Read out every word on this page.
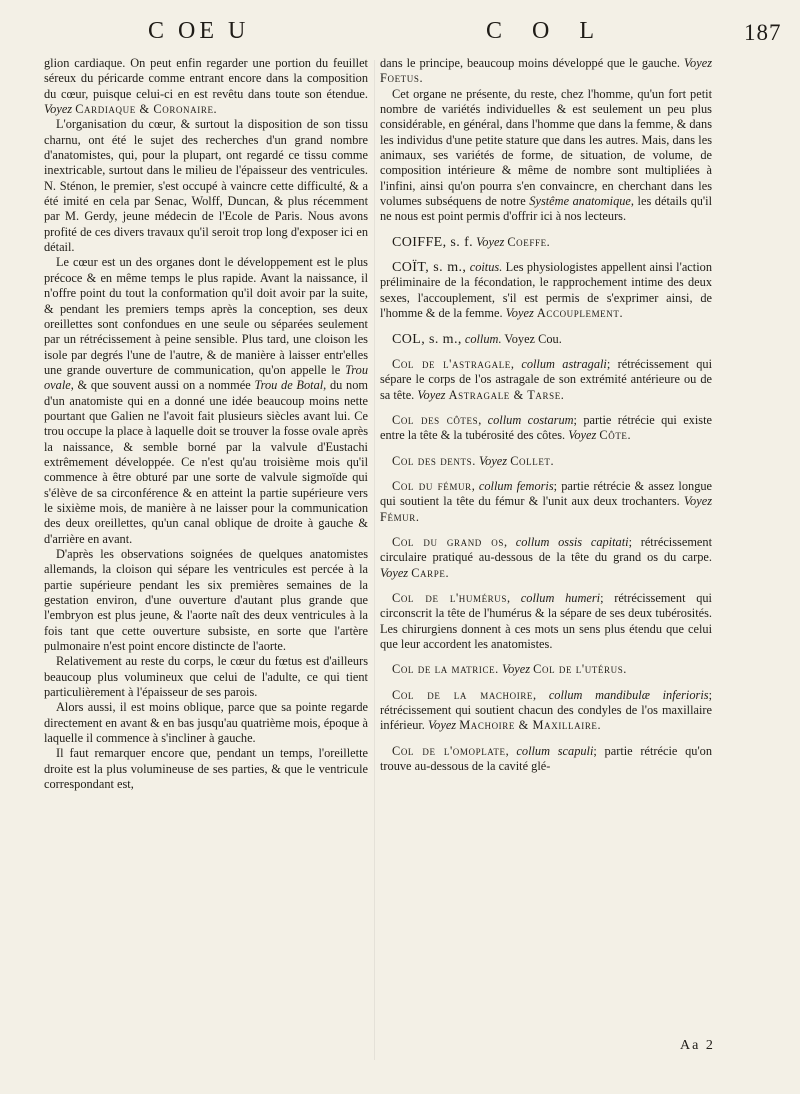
C OE U	C O L	187

glion cardiaque. On peut enfin regarder une portion du feuillet séreux du péricarde comme entrant encore dans la composition du cœur, puisque celui-ci en est revêtu dans toute son étendue. Voyez Cardiaque & Coronaire.

L'organisation du cœur, & surtout la disposition de son tissu charnu, ont été le sujet des recherches d'un grand nombre d'anatomistes, qui, pour la plupart, ont regardé ce tissu comme inextricable, surtout dans le milieu de l'épaisseur des ventricules. N. Sténon, le premier, s'est occupé à vaincre cette difficulté, & a été imité en cela par Senac, Wolff, Duncan, & plus récemment par M. Gerdy, jeune médecin de l'Ecole de Paris. Nous avons profité de ces divers travaux qu'il seroit trop long d'exposer ici en détail.

Le cœur est un des organes dont le développement est le plus précoce & en même temps le plus rapide. Avant la naissance, il n'offre point du tout la conformation qu'il doit avoir par la suite, & pendant les premiers temps après la conception, ses deux oreillettes sont confondues en une seule ou séparées seulement par un rétrécissement à peine sensible. Plus tard, une cloison les isole par degrés l'une de l'autre, & de manière à laisser entr'elles une grande ouverture de communication, qu'on appelle le Trou ovale, & que souvent aussi on a nommée Trou de Botal, du nom d'un anatomiste qui en a donné une idée beaucoup moins nette pourtant que Galien ne l'avoit fait plusieurs siècles avant lui. Ce trou occupe la place à laquelle doit se trouver la fosse ovale après la naissance, & semble borné par la valvule d'Eustachi extrêmement développée. Ce n'est qu'au troisième mois qu'il commence à être obturé par une sorte de valvule sigmoïde qui s'élève de sa circonférence & en atteint la partie supérieure vers le sixième mois, de manière à ne laisser pour la communication des deux oreillettes, qu'un canal oblique de droite à gauche & d'arrière en avant.

D'après les observations soignées de quelques anatomistes allemands, la cloison qui sépare les ventricules est percée à la partie supérieure pendant les six premières semaines de la gestation environ, d'une ouverture d'autant plus grande que l'embryon est plus jeune, & l'aorte naît des deux ventricules à la fois tant que cette ouverture subsiste, en sorte que l'artère pulmonaire n'est point encore distincte de l'aorte.

Relativement au reste du corps, le cœur du fœtus est d'ailleurs beaucoup plus volumineux que celui de l'adulte, ce qui tient particulièrement à l'épaisseur de ses parois.

Alors aussi, il est moins oblique, parce que sa pointe regarde directement en avant & en bas jusqu'au quatrième mois, époque à laquelle il commence à s'incliner à gauche.

Il faut remarquer encore que, pendant un temps, l'oreillette droite est la plus volumineuse de ses parties, & que le ventricule correspondant est,

dans le principe, beaucoup moins développé que le gauche. Voyez Foetus.

Cet organe ne présente, du reste, chez l'homme, qu'un fort petit nombre de variétés individuelles & est seulement un peu plus considérable, en général, dans l'homme que dans la femme, & dans les individus d'une petite stature que dans les autres. Mais, dans les animaux, ses variétés de forme, de situation, de volume, de composition intérieure & même de nombre sont multipliées à l'infini, ainsi qu'on pourra s'en convaincre, en cherchant dans les volumes subséquens de notre Systême anatomique, les détails qu'il ne nous est point permis d'offrir ici à nos lecteurs.

COIFFE, s. f. Voyez Coeffe.

COÏT, s. m., coitus. Les physiologistes appellent ainsi l'action préliminaire de la fécondation, le rapprochement intime des deux sexes, l'accouplement, s'il est permis de s'exprimer ainsi, de l'homme & de la femme. Voyez Accouplement.

COL, s. m., collum. Voyez Cou.

Col de l'astragale, collum astragali; rétrécissement qui sépare le corps de l'os astragale de son extrémité antérieure ou de sa tête. Voyez Astragale & Tarse.

Col des côtes, collum costarum; partie rétrécie qui existe entre la tête & la tubérosité des côtes. Voyez Côte.

Col des dents. Voyez Collet.

Col du fémur, collum femoris; partie rétrécie & assez longue qui soutient la tête du fémur & l'unit aux deux trochanters. Voyez Fémur.

Col du grand os, collum ossis capitati; rétrécissement circulaire pratiqué au-dessous de la tête du grand os du carpe. Voyez Carpe.

Col de l'humérus, collum humeri; rétrécissement qui circonscrit la tête de l'humérus & la sépare de ses deux tubérosités. Les chirurgiens donnent à ces mots un sens plus étendu que celui que leur accordent les anatomistes.

Col de la matrice. Voyez Col de l'utérus.

Col de la machoire, collum mandibulæ inferioris; rétrécissement qui soutient chacun des condyles de l'os maxillaire inférieur. Voyez Machoire & Maxillaire.

Col de l'omoplate, collum scapuli; partie rétrécie qu'on trouve au-dessous de la cavité glé-

Aa 2
